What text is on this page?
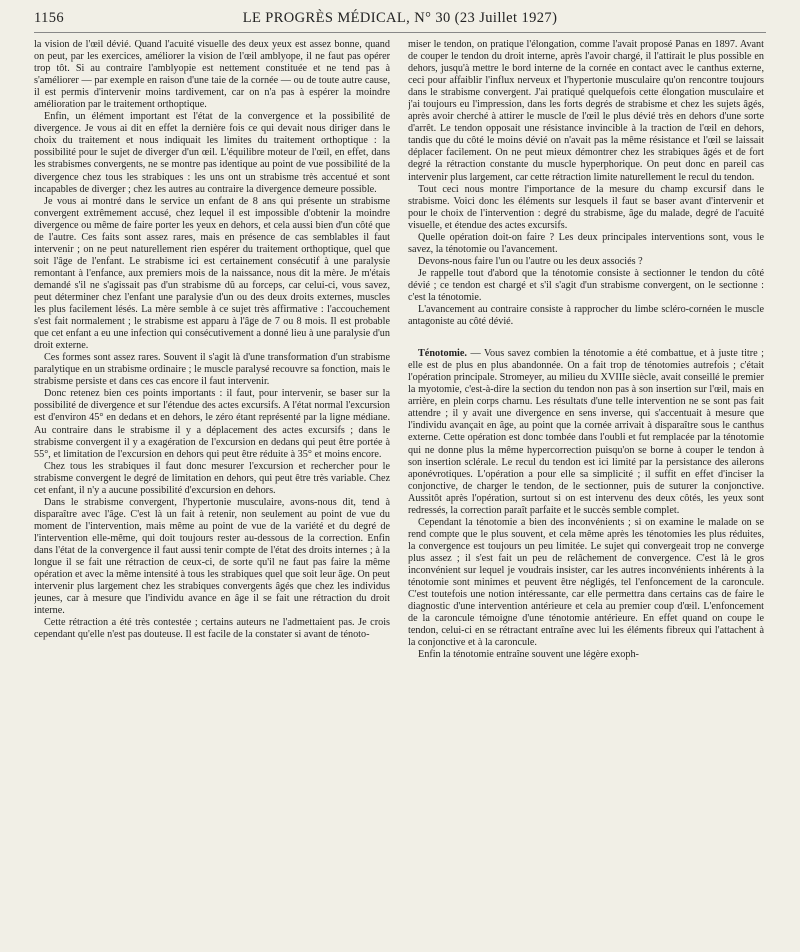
1156	LE PROGRÈS MÉDICAL, N° 30 (23 Juillet 1927)

la vision de l'œil dévié. Quand l'acuité visuelle des deux yeux est assez bonne, quand on peut, par les exercices, améliorer la vision de l'œil amblyope, il ne faut pas opérer trop tôt. Si au contraire l'amblyopie est nettement constituée et ne tend pas à s'améliorer — par exemple en raison d'une taie de la cornée — ou de toute autre cause, il est permis d'intervenir moins tardivement, car on n'a pas à espérer la moindre amélioration par le traitement orthoptique.

Enfin, un élément important est l'état de la convergence et la possibilité de divergence. Je vous ai dit en effet la dernière fois ce qui devait nous diriger dans le choix du traitement et nous indiquait les limites du traitement orthoptique : la possibilité pour le sujet de diverger d'un œil. L'équilibre moteur de l'œil, en effet, dans les strabismes convergents, ne se montre pas identique au point de vue possibilité de la divergence chez tous les strabiques : les uns ont un strabisme très accentué et sont incapables de diverger ; chez les autres au contraire la divergence demeure possible.

Je vous ai montré dans le service un enfant de 8 ans qui présente un strabisme convergent extrêmement accusé, chez lequel il est impossible d'obtenir la moindre divergence ou même de faire porter les yeux en dehors, et cela aussi bien d'un côté que de l'autre. Ces faits sont assez rares, mais en présence de cas semblables il faut intervenir ; on ne peut naturellement rien espérer du traitement orthoptique, quel que soit l'âge de l'enfant. Le strabisme ici est certainement consécutif à une paralysie remontant à l'enfance, aux premiers mois de la naissance, nous dit la mère. Je m'étais demandé s'il ne s'agissait pas d'un strabisme dû au forceps, car celui-ci, vous savez, peut déterminer chez l'enfant une paralysie d'un ou des deux droits externes, muscles les plus facilement lésés. La mère semble à ce sujet très affirmative : l'accouchement s'est fait normalement ; le strabisme est apparu à l'âge de 7 ou 8 mois. Il est probable que cet enfant a eu une infection qui consécutivement a donné lieu à une paralysie d'un droit externe.

Ces formes sont assez rares. Souvent il s'agit là d'une transformation d'un strabisme paralytique en un strabisme ordinaire ; le muscle paralysé recouvre sa fonction, mais le strabisme persiste et dans ces cas encore il faut intervenir.

Donc retenez bien ces points importants : il faut, pour intervenir, se baser sur la possibilité de divergence et sur l'étendue des actes excursifs. A l'état normal l'excursion est d'environ 45° en dedans et en dehors, le zéro étant représenté par la ligne médiane. Au contraire dans le strabisme il y a déplacement des actes excursifs ; dans le strabisme convergent il y a exagération de l'excursion en dedans qui peut être portée à 55°, et limitation de l'excursion en dehors qui peut être réduite à 35° et moins encore.

Chez tous les strabiques il faut donc mesurer l'excursion et rechercher pour le strabisme convergent le degré de limitation en dehors, qui peut être très variable. Chez cet enfant, il n'y a aucune possibilité d'excursion en dehors.

Dans le strabisme convergent, l'hypertonie musculaire, avons-nous dit, tend à disparaître avec l'âge. C'est là un fait à retenir, non seulement au point de vue du moment de l'intervention, mais même au point de vue de la variété et du degré de l'intervention elle-même, qui doit toujours rester au-dessous de la correction. Enfin dans l'état de la convergence il faut aussi tenir compte de l'état des droits internes ; à la longue il se fait une rétraction de ceux-ci, de sorte qu'il ne faut pas faire la même opération et avec la même intensité à tous les strabiques quel que soit leur âge. On peut intervenir plus largement chez les strabiques convergents âgés que chez les individus jeunes, car à mesure que l'individu avance en âge il se fait une rétraction du droit interne.

Cette rétraction a été très contestée ; certains auteurs ne l'admettaient pas. Je crois cependant qu'elle n'est pas douteuse. Il est facile de la constater si avant de ténoto-

miser le tendon, on pratique l'élongation, comme l'avait proposé Panas en 1897. Avant de couper le tendon du droit interne, après l'avoir chargé, il l'attirait le plus possible en dehors, jusqu'à mettre le bord interne de la cornée en contact avec le canthus externe, ceci pour affaiblir l'influx nerveux et l'hypertonie musculaire qu'on rencontre toujours dans le strabisme convergent. J'ai pratiqué quelquefois cette élongation musculaire et j'ai toujours eu l'impression, dans les forts degrés de strabisme et chez les sujets âgés, après avoir cherché à attirer le muscle de l'œil le plus dévié très en dehors d'une sorte d'arrêt. Le tendon opposait une résistance invincible à la traction de l'œil en dehors, tandis que du côté le moins dévié on n'avait pas la même résistance et l'œil se laissait déplacer facilement. On ne peut mieux démontrer chez les strabiques âgés et de fort degré la rétraction constante du muscle hyperphorique. On peut donc en pareil cas intervenir plus largement, car cette rétraction limite naturellement le recul du tendon.

Tout ceci nous montre l'importance de la mesure du champ excursif dans le strabisme. Voici donc les éléments sur lesquels il faut se baser avant d'intervenir et pour le choix de l'intervention : degré du strabisme, âge du malade, degré de l'acuité visuelle, et étendue des actes excursifs.

Quelle opération doit-on faire ? Les deux principales interventions sont, vous le savez, la ténotomie ou l'avancement.

Devons-nous faire l'un ou l'autre ou les deux associés ?

Je rappelle tout d'abord que la ténotomie consiste à sectionner le tendon du côté dévié ; ce tendon est chargé et s'il s'agit d'un strabisme convergent, on le sectionne : c'est la ténotomie.

L'avancement au contraire consiste à rapprocher du limbe scléro-cornéen le muscle antagoniste au côté dévié.

Ténotomie. — Vous savez combien la ténotomie a été combattue, et à juste titre ; elle est de plus en plus abandonnée. On a fait trop de ténotomies autrefois ; c'était l'opération principale. Stromeyer, au milieu du XVIIIe siècle, avait conseillé le premier la myotomie, c'est-à-dire la section du tendon non pas à son insertion sur l'œil, mais en arrière, en plein corps charnu. Les résultats d'une telle intervention ne se sont pas fait attendre ; il y avait une divergence en sens inverse, qui s'accentuait à mesure que l'individu avançait en âge, au point que la cornée arrivait à disparaître sous le canthus externe. Cette opération est donc tombée dans l'oubli et fut remplacée par la ténotomie qui ne donne plus la même hypercorrection puisqu'on se borne à couper le tendon à son insertion sclérale. Le recul du tendon est ici limité par la persistance des ailerons aponévrotiques. L'opération a pour elle sa simplicité ; il suffit en effet d'inciser la conjonctive, de charger le tendon, de le sectionner, puis de suturer la conjonctive. Aussitôt après l'opération, surtout si on est intervenu des deux côtés, les yeux sont redressés, la correction paraît parfaite et le succès semble complet.

Cependant la ténotomie a bien des inconvénients ; si on examine le malade on se rend compte que le plus souvent, et cela même après les ténotomies les plus réduites, la convergence est toujours un peu limitée. Le sujet qui convergeait trop ne converge plus assez ; il s'est fait un peu de relâchement de convergence. C'est là le gros inconvénient sur lequel je voudrais insister, car les autres inconvénients inhérents à la ténotomie sont minimes et peuvent être négligés, tel l'enfoncement de la caroncule. C'est toutefois une notion intéressante, car elle permettra dans certains cas de faire le diagnostic d'une intervention antérieure et cela au premier coup d'œil. L'enfoncement de la caroncule témoigne d'une ténotomie antérieure. En effet quand on coupe le tendon, celui-ci en se rétractant entraîne avec lui les éléments fibreux qui l'attachent à la conjonctive et à la caroncule.

Enfin la ténotomie entraîne souvent une légère exoph-
